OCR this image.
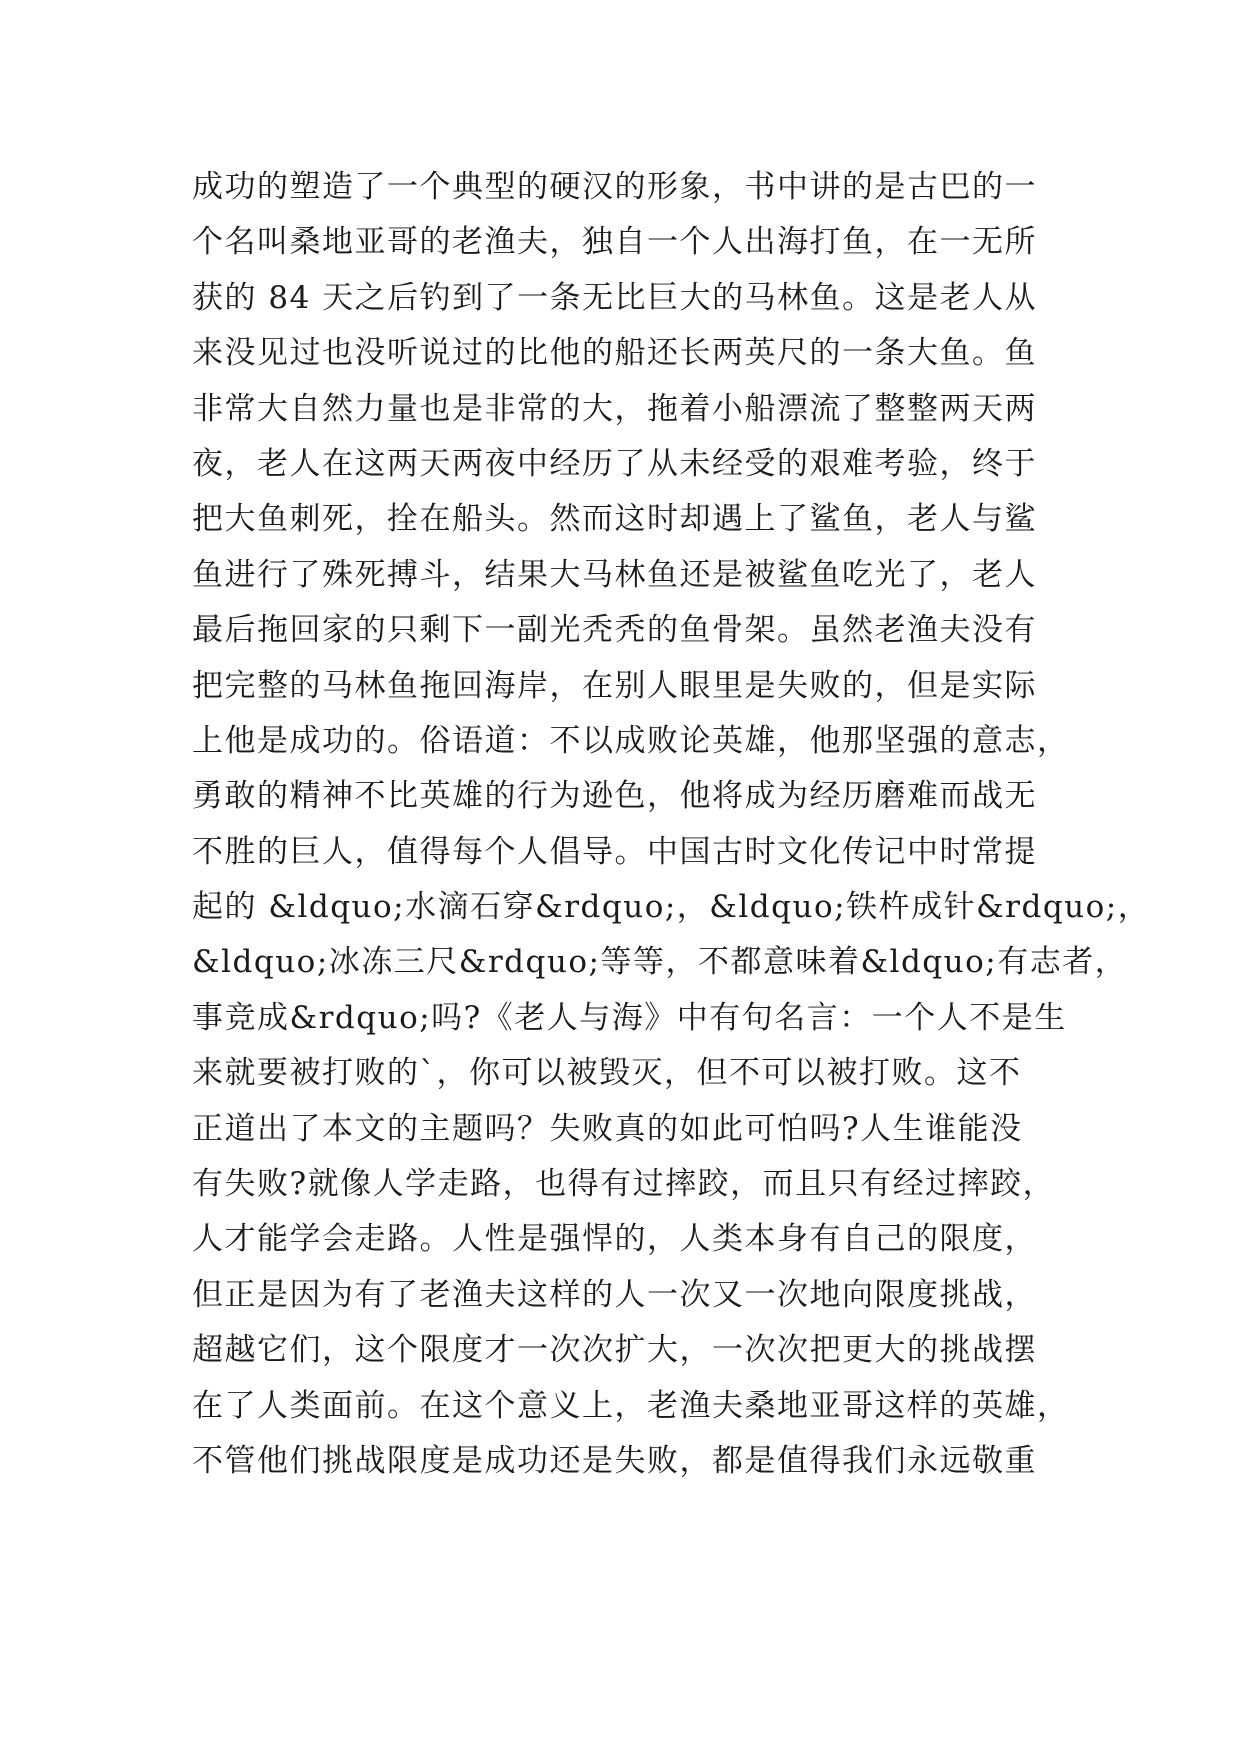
成功的塑造了一个典型的硬汉的形象，书中讲的是古巴的一
个名叫桑地亚哥的老渔夫，独自一个人出海打鱼，在一无所
获的 84 天之后钓到了一条无比巨大的马林鱼。这是老人从
来没见过也没听说过的比他的船还长两英尺的一条大鱼。鱼
非常大自然力量也是非常的大，拖着小船漂流了整整两天两
夜，老人在这两天两夜中经历了从未经受的艰难考验，终于
把大鱼刺死，拴在船头。然而这时却遇上了鲨鱼，老人与鲨
鱼进行了殊死搏斗，结果大马林鱼还是被鲨鱼吃光了，老人
最后拖回家的只剩下一副光秃秃的鱼骨架。虽然老渔夫没有
把完整的马林鱼拖回海岸，在别人眼里是失败的，但是实际
上他是成功的。俗语道：不以成败论英雄，他那坚强的意志，
勇敢的精神不比英雄的行为逊色，他将成为经历磨难而战无
不胜的巨人，值得每个人倡导。中国古时文化传记中时常提
起的 &ldquo;水滴石穿&rdquo;，&ldquo;铁杵成针&rdquo;，
&ldquo;冰冻三尺&rdquo;等等，不都意味着&ldquo;有志者，
事竞成&rdquo;吗?《老人与海》中有句名言：一个人不是生
来就要被打败的`，你可以被毁灭，但不可以被打败。这不
正道出了本文的主题吗？失败真的如此可怕吗?人生谁能没
有失败?就像人学走路，也得有过摔跤，而且只有经过摔跤，
人才能学会走路。人性是强悍的，人类本身有自己的限度，
但正是因为有了老渔夫这样的人一次又一次地向限度挑战，
超越它们，这个限度才一次次扩大，一次次把更大的挑战摆
在了人类面前。在这个意义上，老渔夫桑地亚哥这样的英雄，
不管他们挑战限度是成功还是失败，都是值得我们永远敬重
